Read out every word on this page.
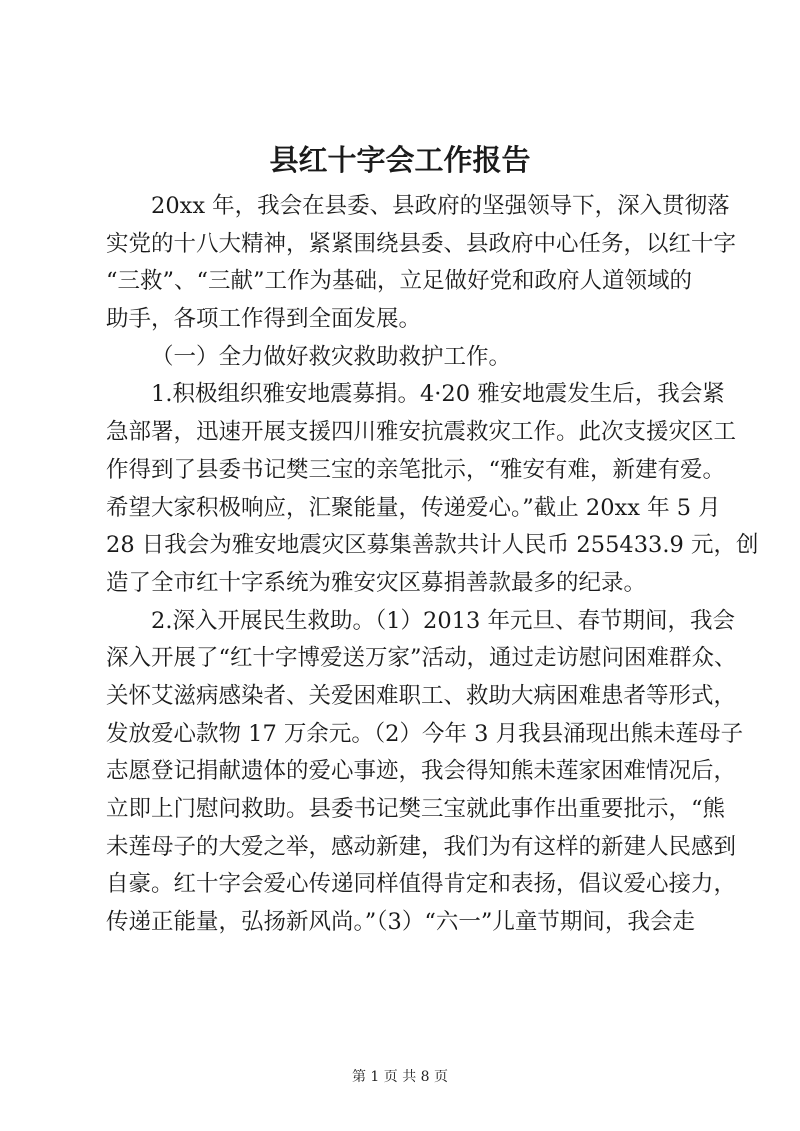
县红十字会工作报告

20xx 年，我会在县委、县政府的坚强领导下，深入贯彻落

实党的十八大精神，紧紧围绕县委、县政府中心任务，以红十字

“三救”、“三献”工作为基础，立足做好党和政府人道领域的

助手，各项工作得到全面发展。

（一）全力做好救灾救助救护工作。

1.积极组织雅安地震募捐。4·20 雅安地震发生后，我会紧

急部署，迅速开展支援四川雅安抗震救灾工作。此次支援灾区工

作得到了县委书记樊三宝的亲笔批示，“雅安有难，新建有爱。

希望大家积极响应，汇聚能量，传递爱心。”截止 20xx 年 5 月

28 日我会为雅安地震灾区募集善款共计人民币 255433.9 元，创

造了全市红十字系统为雅安灾区募捐善款最多的纪录。

2.深入开展民生救助。（1）2013 年元旦、春节期间，我会

深入开展了“红十字博爱送万家”活动，通过走访慰问困难群众、

关怀艾滋病感染者、关爱困难职工、救助大病困难患者等形式，

发放爱心款物 17 万余元。（2）今年 3 月我县涌现出熊未莲母子

志愿登记捐献遗体的爱心事迹，我会得知熊未莲家困难情况后，

立即上门慰问救助。县委书记樊三宝就此事作出重要批示，“熊

未莲母子的大爱之举，感动新建，我们为有这样的新建人民感到

自豪。红十字会爱心传递同样值得肯定和表扬，倡议爱心接力，

传递正能量，弘扬新风尚。”（3）“六一”儿童节期间，我会走

第 1 页 共 8 页
